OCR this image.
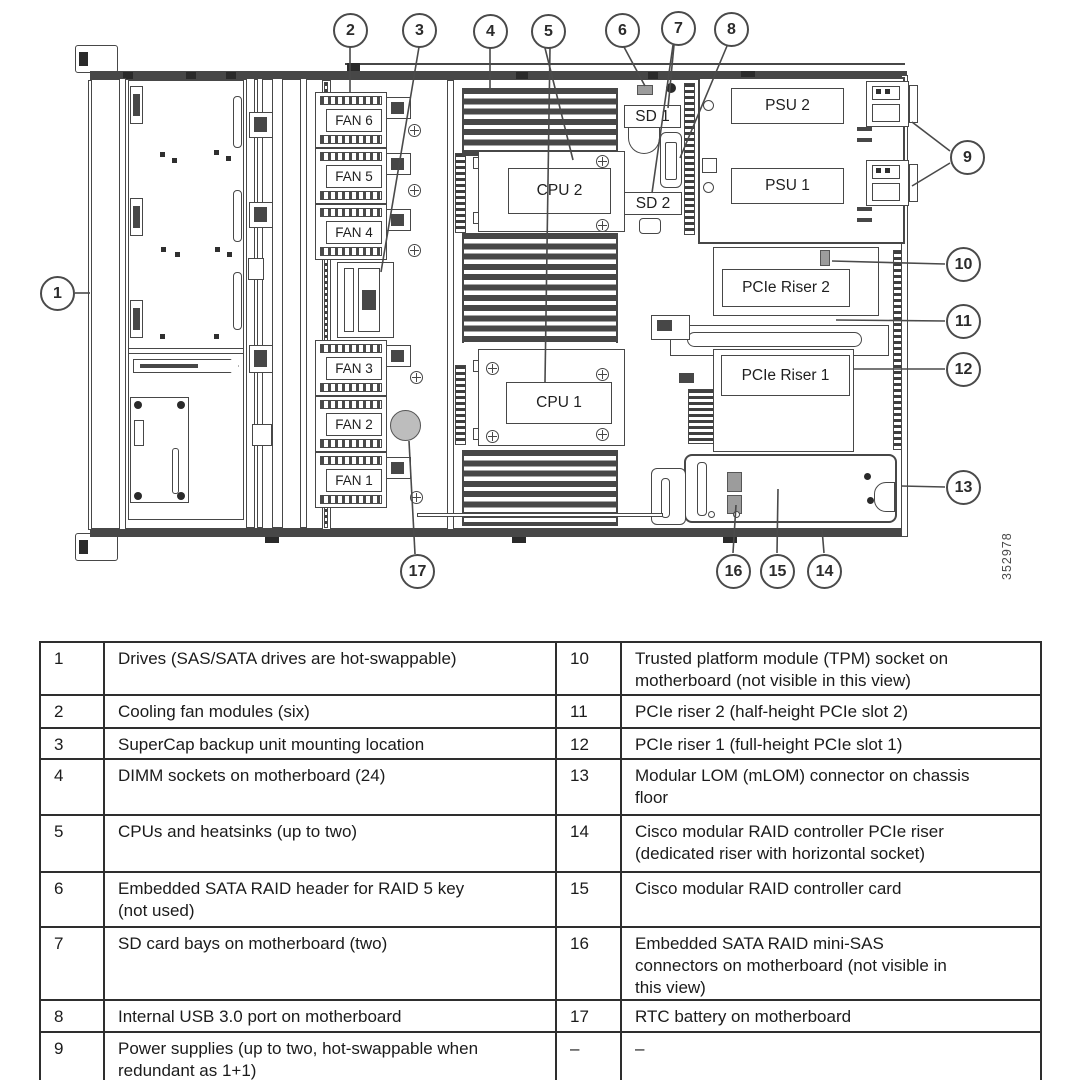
FAN 6
FAN 5
FAN 4
FAN 3
FAN 2
FAN 1
CPU 2
CPU 1
SD 1
SD 2
PSU 2
PSU 1
PCIe Riser 2
PCIe Riser 1
1
2	3	4	5	6	7	8
9
10
11
12
13
14
15
16
17	352978
1	Drives (SAS/SATA drives are hot-swappable)	10	Trusted platform module (TPM) socket on motherboard (not visible in this view)
2	Cooling fan modules (six)	11	PCIe riser 2 (half-height PCIe slot 2)
3	SuperCap backup unit mounting location	12	PCIe riser 1 (full-height PCIe slot 1)
4	DIMM sockets on motherboard (24)	13	Modular LOM (mLOM) connector on chassis floor
5	CPUs and heatsinks (up to two)	14	Cisco modular RAID controller PCIe riser (dedicated riser with horizontal socket)
6	Embedded SATA RAID header for RAID 5 key (not used)	15	Cisco modular RAID controller card
7	SD card bays on motherboard (two)	16	Embedded SATA RAID mini-SAS connectors on motherboard (not visible in this view)
8	Internal USB 3.0 port on motherboard	17	RTC battery on motherboard
9	Power supplies (up to two, hot-swappable when redundant as 1+1)	–	–
